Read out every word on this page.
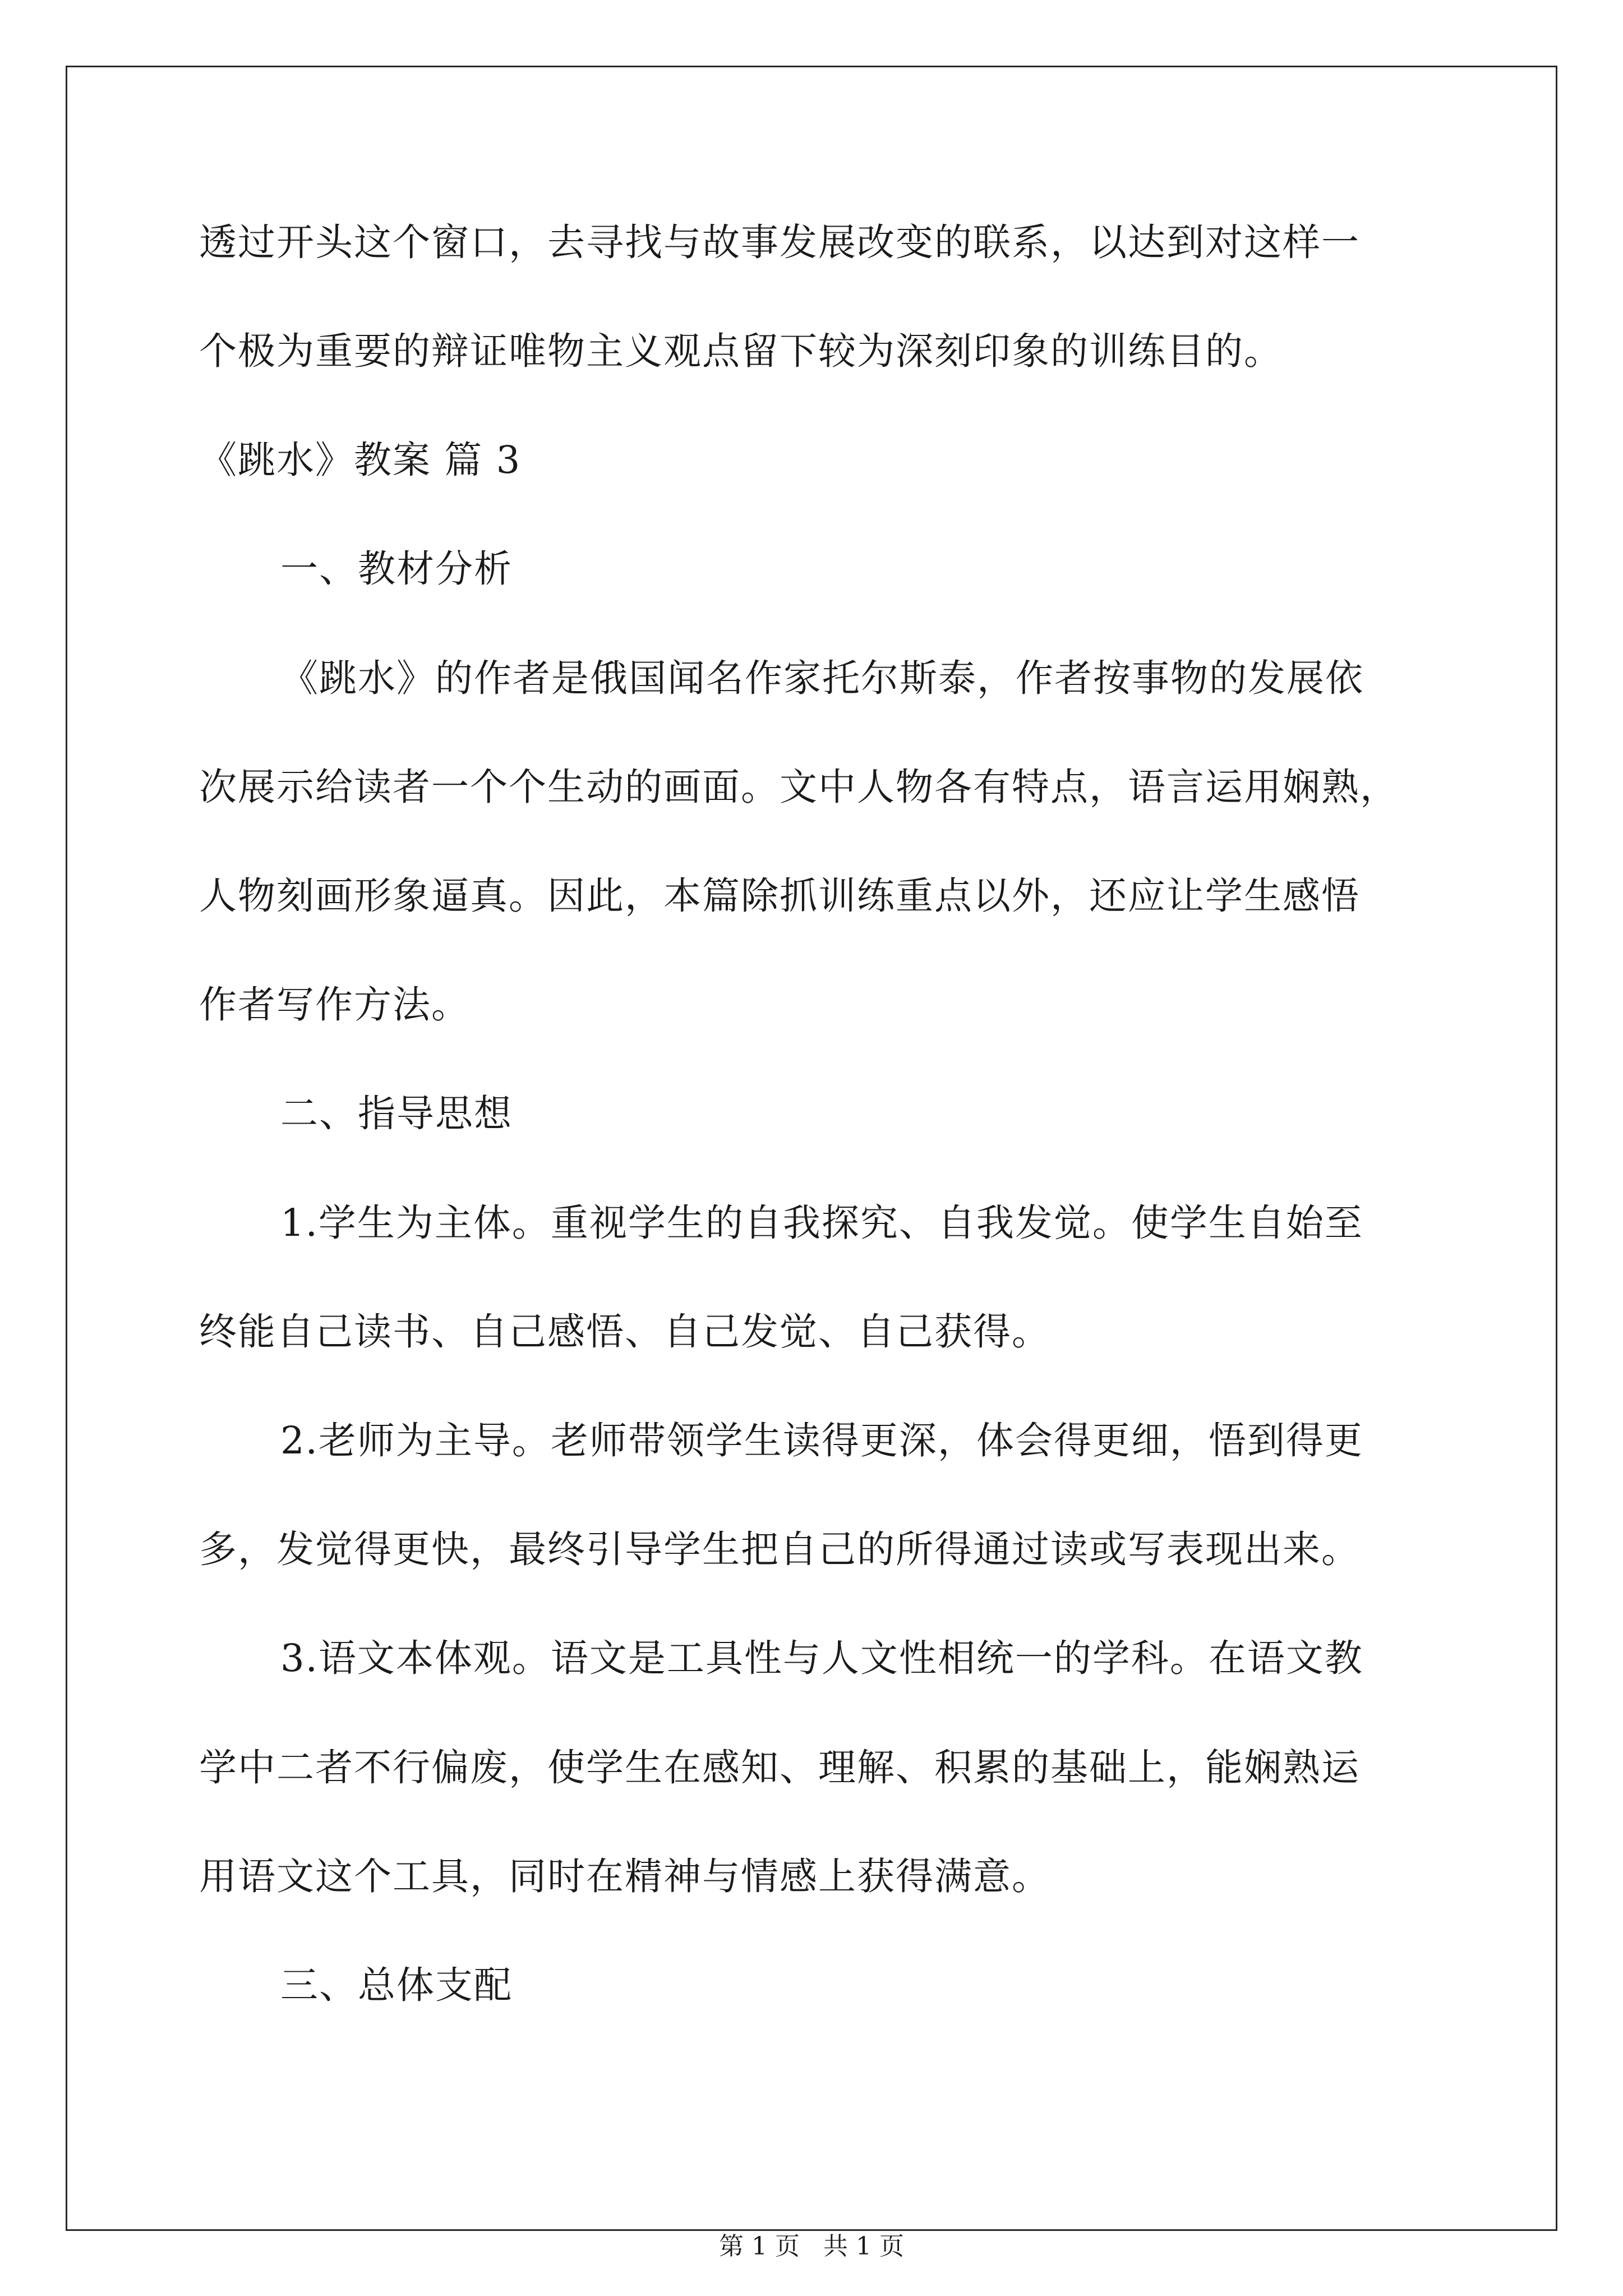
透过开头这个窗口，去寻找与故事发展改变的联系，以达到对这样一

个极为重要的辩证唯物主义观点留下较为深刻印象的训练目的。

《跳水》教案 篇 3

一、教材分析

《跳水》的作者是俄国闻名作家托尔斯泰，作者按事物的发展依

次展示给读者一个个生动的画面。文中人物各有特点，语言运用娴熟，

人物刻画形象逼真。因此，本篇除抓训练重点以外，还应让学生感悟

作者写作方法。

二、指导思想

1.学生为主体。重视学生的自我探究、自我发觉。使学生自始至

终能自己读书、自己感悟、自己发觉、自己获得。

2.老师为主导。老师带领学生读得更深，体会得更细，悟到得更

多，发觉得更快，最终引导学生把自己的所得通过读或写表现出来。

3.语文本体观。语文是工具性与人文性相统一的学科。在语文教

学中二者不行偏废，使学生在感知、理解、积累的基础上，能娴熟运

用语文这个工具，同时在精神与情感上获得满意。

三、总体支配

第 1 页   共 1 页
